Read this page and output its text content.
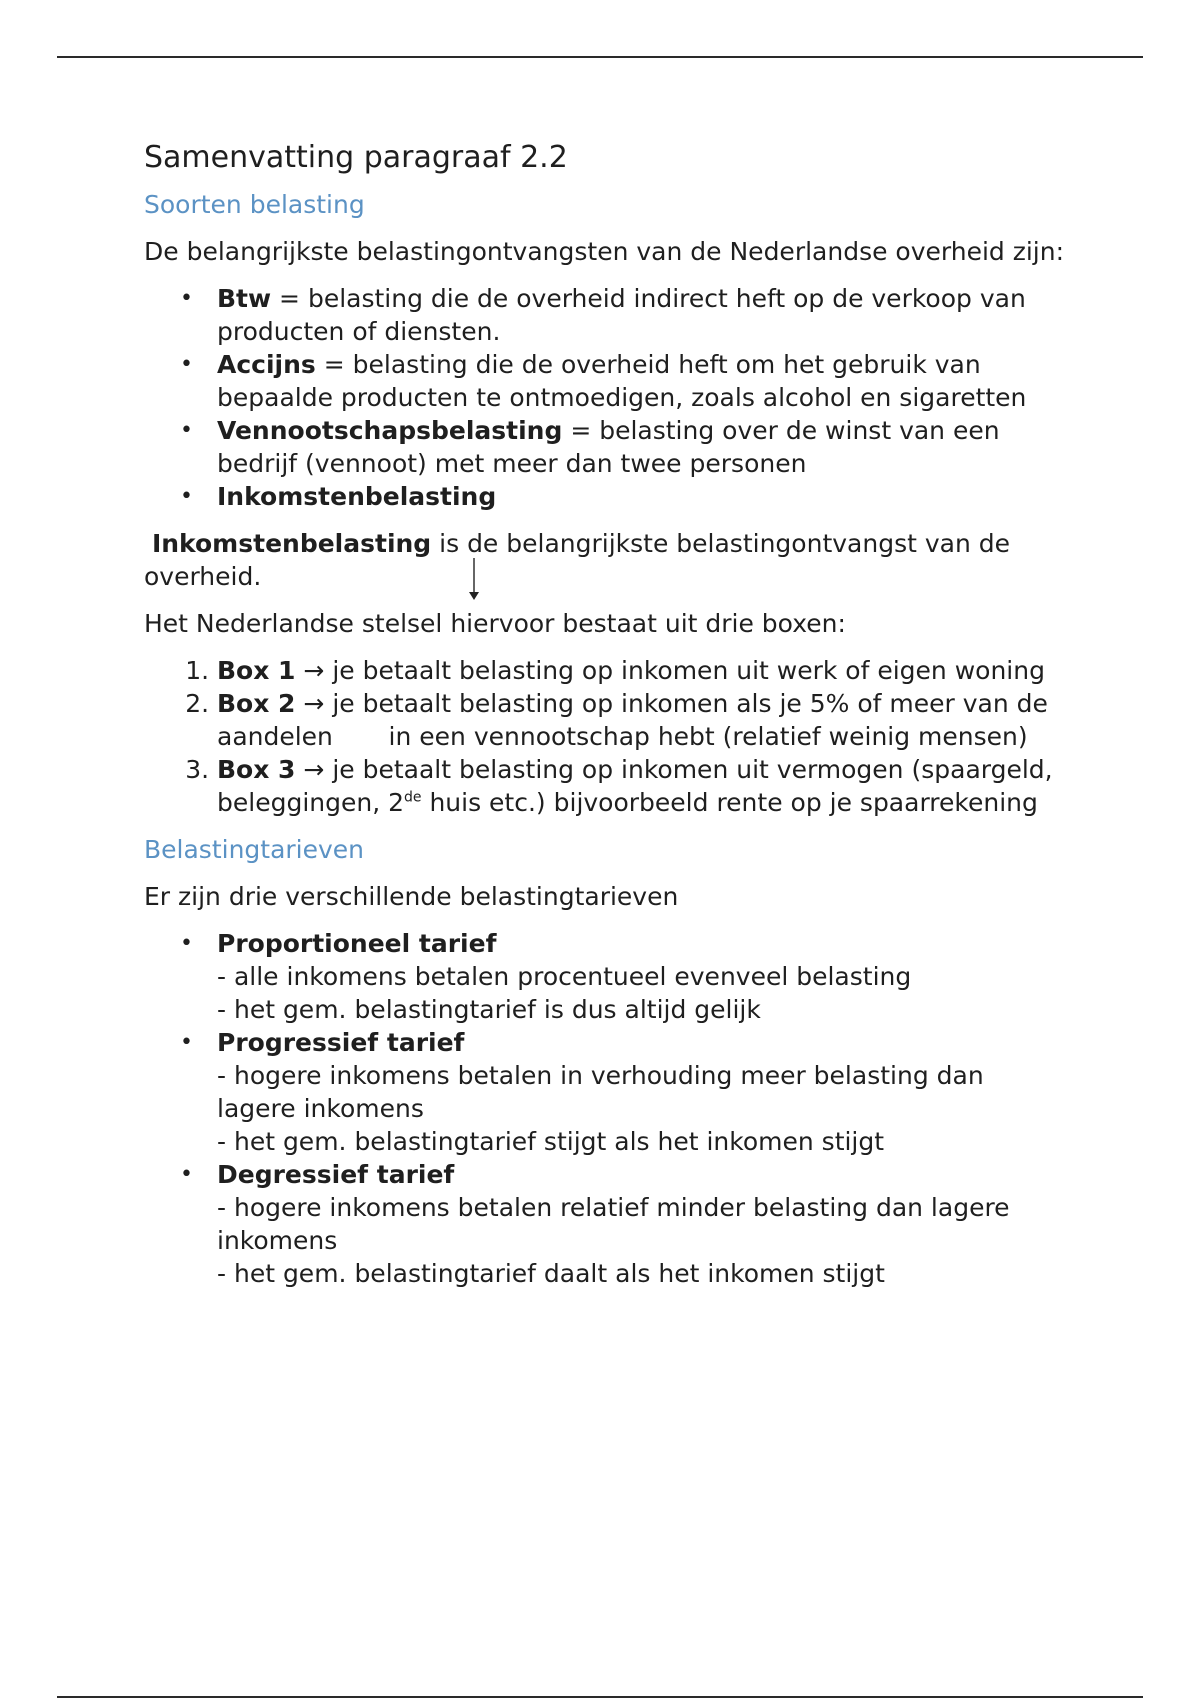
Samenvatting paragraaf 2.2
Soorten belasting

De belangrijkste belastingontvangsten van de Nederlandse overheid zijn:

• Btw = belasting die de overheid indirect heft op de verkoop van producten of diensten.
• Accijns = belasting die de overheid heft om het gebruik van bepaalde producten te ontmoedigen, zoals alcohol en sigaretten
• Vennootschapsbelasting = belasting over de winst van een bedrijf (vennoot) met meer dan twee personen
• Inkomstenbelasting

Inkomstenbelasting is de belangrijkste belastingontvangst van de overheid.

Het Nederlandse stelsel hiervoor bestaat uit drie boxen:

1. Box 1 → je betaalt belasting op inkomen uit werk of eigen woning
2. Box 2 → je betaalt belasting op inkomen als je 5% of meer van de aandelen       in een vennootschap hebt (relatief weinig mensen)
3. Box 3 → je betaalt belasting op inkomen uit vermogen (spaargeld, beleggingen, 2de huis etc.) bijvoorbeeld rente op je spaarrekening
Belastingtarieven

Er zijn drie verschillende belastingtarieven

• Proportioneel tarief
- alle inkomens betalen procentueel evenveel belasting
- het gem. belastingtarief is dus altijd gelijk
• Progressief tarief
- hogere inkomens betalen in verhouding meer belasting dan lagere inkomens
- het gem. belastingtarief stijgt als het inkomen stijgt
• Degressief tarief
- hogere inkomens betalen relatief minder belasting dan lagere inkomens
- het gem. belastingtarief daalt als het inkomen stijgt
